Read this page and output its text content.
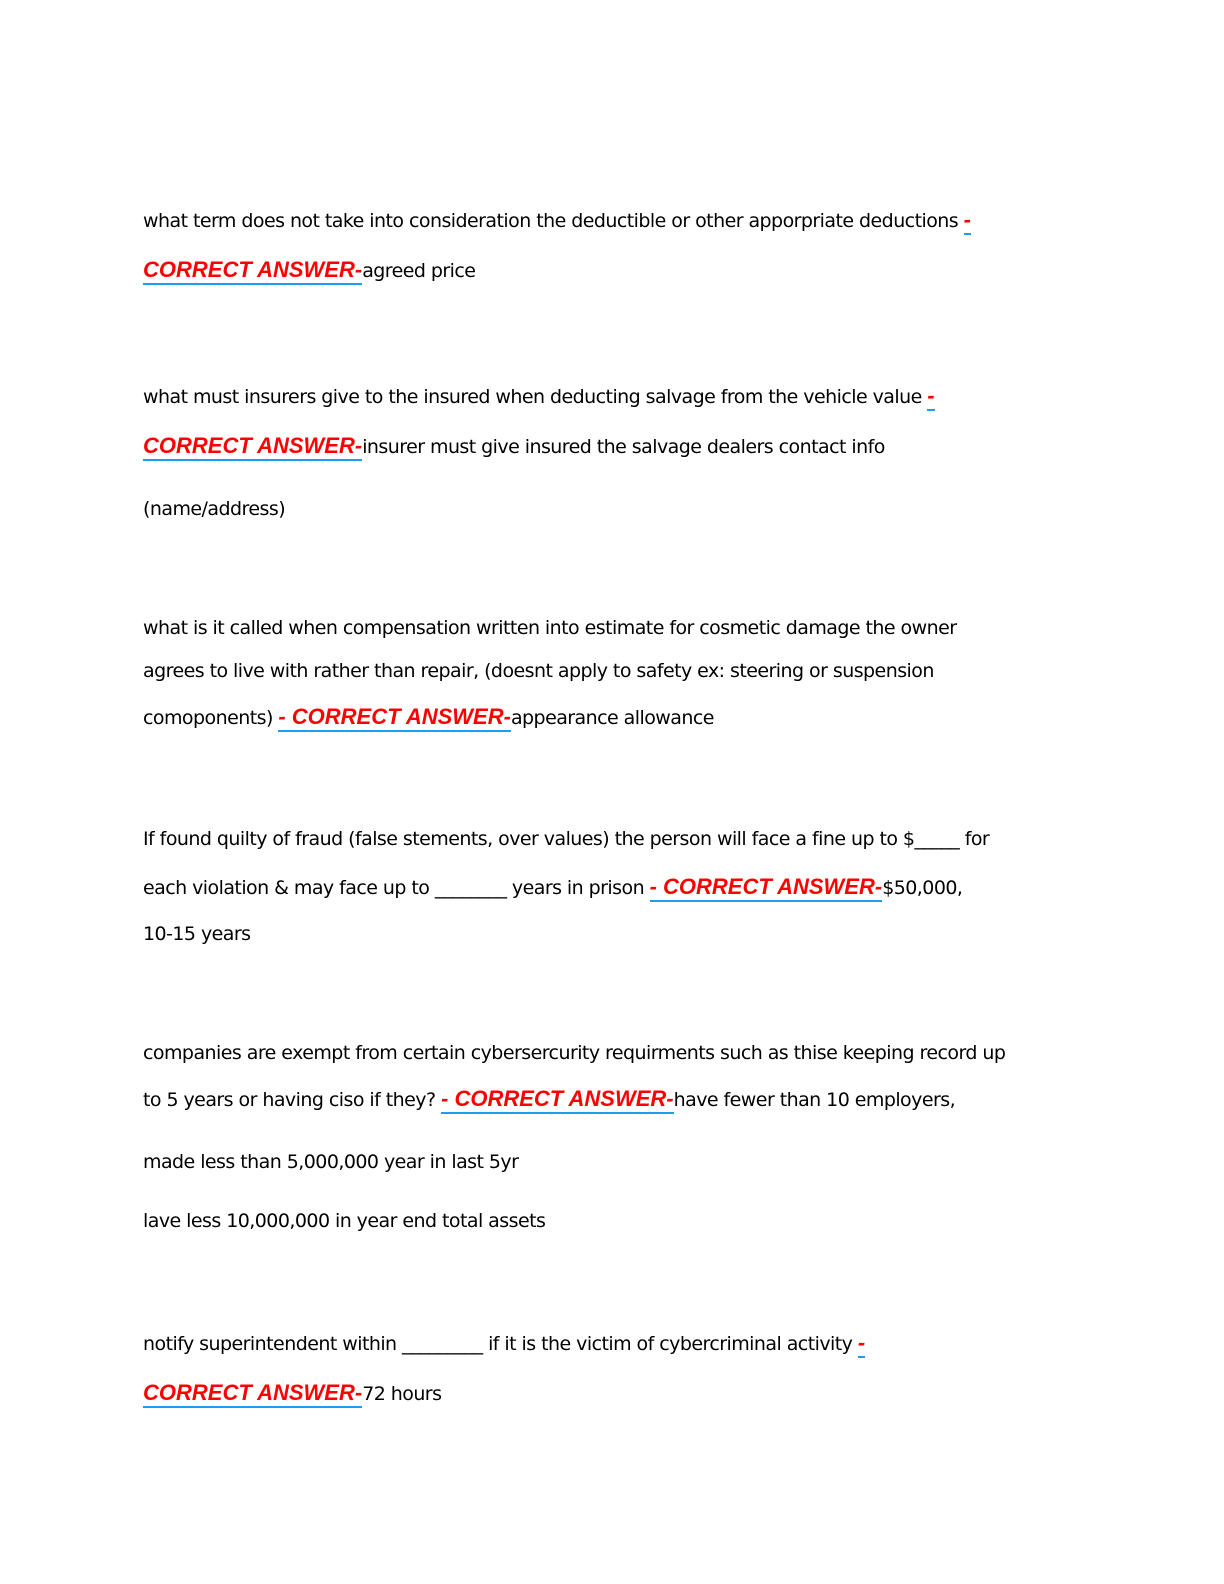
what term does not take into consideration the deductible or other apporpriate deductions -
CORRECT ANSWER-agreed price
what must insurers give to the insured when deducting salvage from the vehicle value -
CORRECT ANSWER-insurer must give insured the salvage dealers contact info
(name/address)
what is it called when compensation written into estimate for cosmetic damage the owner
agrees to live with rather than repair, (doesnt apply to safety ex: steering or suspension
comoponents) - CORRECT ANSWER-appearance allowance
If found quilty of fraud (false stements, over values) the person will face a fine up to $_____ for
each violation & may face up to ________ years in prison - CORRECT ANSWER-$50,000,
10-15 years
companies are exempt from certain cybersercurity requirments such as thise keeping record up
to 5 years or having ciso if they? - CORRECT ANSWER-have fewer than 10 employers,
made less than 5,000,000 year in last 5yr
lave less 10,000,000 in year end total assets
notify superintendent within _________ if it is the victim of cybercriminal activity -
CORRECT ANSWER-72 hours
